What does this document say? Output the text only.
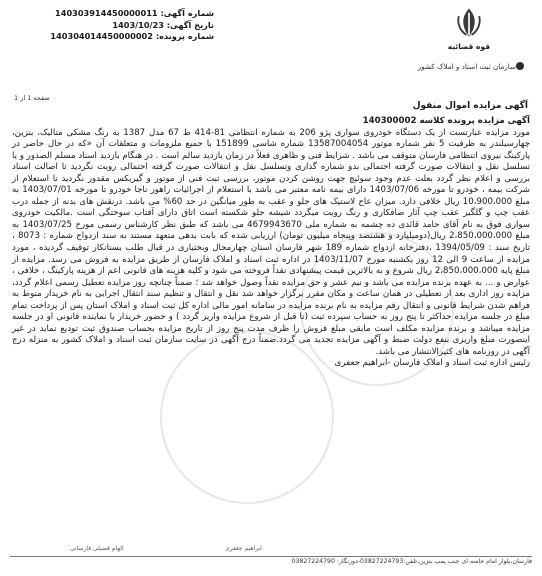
شماره آگهی: 140303914450000011
تاریخ آگهی: 1403/10/23
شماره پرونده: 140304014450000002
قوه قضائیه
سازمان ثبت اسناد و املاک کشور
صفحه 1 از 1
آگهی مزایده اموال منقول

آگهی مزایده پرونده کلاسه 140300002

مورد مزایده عبارتست از یک دستگاه خودروی سواری پژو 206 به شماره انتظامی 81-414 ط 67 مدل 1387 به رنگ مشکی متالیک، بنزین، چهارسیلندر به ظرفیت 5 نفر شماره موتور 13587004054 شماره شاسی 151899 با جمیع ملزومات و متعلقات آن «که در حال حاضر در پارکینگ نیروی انتظامی فارسان متوقف می باشد . شرایط فنی و ظاهری فعلاً در زمان بازدید سالم است . در هنگام بازدید اسناد مسلم الصدور و یا تسلسل نقل و انتقالات صورت گرفته احتمالی بدو شماره گذاری وتسلسل نقل و انتقالات صورت گرفته احتمالی رویت نگردید تا اصالت اسناد بررسی و اعلام نظر گردد بعلت عدم وجود سوئیچ جهت روشن کردن موتور، بررسی ثبت فنی از موتور و گیربکس مقدور نگردید تا استعلام از شرکت بیمه ، خودرو تا مورخه 1403/07/06 دارای بیمه نامه معتبر می باشد با استعلام از اجرائیات راهور ناجا خودرو تا مورخه 1403/07/01 به مبلغ 10،900،000 ریال خلافی دارد. میزان عاج لاستیک های جلو و عقب به طور میانگین در حد 60% می باشد. درنقش های بدنه از جمله درب عقب چپ و گلگیر عقب چپ آثار صافکاری و رنگ رویت میگردد شیشه جلو شکسته است اتاق دارای آفتاب سوختگی است .مالکیت خودروی سواری فوق به نام آقای حامد قائدی ده چشمه به شماره ملی 4679943670 می باشد که طبق نظر کارشناس رسمی مورخ 1403/07/25 به مبلغ 2،850،000،000 ریال(دومیلیارد و هشتصد وپنجاه میلیون تومان) ارزیابی شده که بابت بدهی متعهد مستند به سند ازدواج شماره : 8073 ، تاریخ سند : 1394/05/09 ،دفترخانه ازدواج شماره 189 شهر فارسان استان چهارمحال وبختیاری در قبال طلب بستانکار توقیف گردیده ، مورد مزایده از ساعت 9 الی 12 روز یکشنبه مورخ 1403/11/07 در اداره ثبت اسناد و املاک فارسان از طریق مزایده به فروش می رسد. مزایده از مبلغ پایه 2،850،000،000 ریال شروع و به بالاترین قیمت پیشنهادی نقداً فروخته می شود و کلیه هزینه های قانونی اعم از هزینه پارکینگ ، خلافی ، عوارض و ... به عهده برنده مزایده می باشد و نیم عشر و حق مزایده نقداً وصول خواهد شد ؛ ضمناً چنانچه روز مزایده تعطیل رسمی اعلام گردد، مزایده روز اداری بعد از تعطیلی در همان ساعت و مکان مقرر برگزار خواهد شد نقل و انتقال و تنظیم سند انتقال اجرایی به نام خریدار منوط به فراهم شدن شرایط قانونی و انتقال رقم مزایده به نام برنده مزایده در سامانه امور مالی اداره کل ثبت اسناد و املاک استان پس از پرداخت تمام مبلغ در جلسه مزایده حداکثر تا پنج روز به حساب سپرده ثبت (تا قبل از شروع مزایده واریز گردد ) و حضور خریدار یا نماینده قانونی او در جلسه مزایده میباشد و برنده مزایده مکلف است مابقی مبلغ فروش را ظرف مدت پنج روز از تاریخ مزایده بحساب صندوق ثبت تودیع نماید در غیر اینصورت مبلغ واریزی بنفع دولت ضبط و آگهی مزایده تجدید می گردد.ضمناً درج آگهی در سایت سازمان ثبت اسناد و املاک کشور به منزله درج آگهی در روزنامه های کثیرالانتشار می باشد.

رئیس اداره ثبت اسناد و املاک فارسان -ابراهیم جعفری

الهام فضیلی فارسانی	ابراهیم جعفری
فارسان،بلوار امام خامنه ای جنب پمپ بنزین،تلفن:03827224793-دورنگار: 03827224790
